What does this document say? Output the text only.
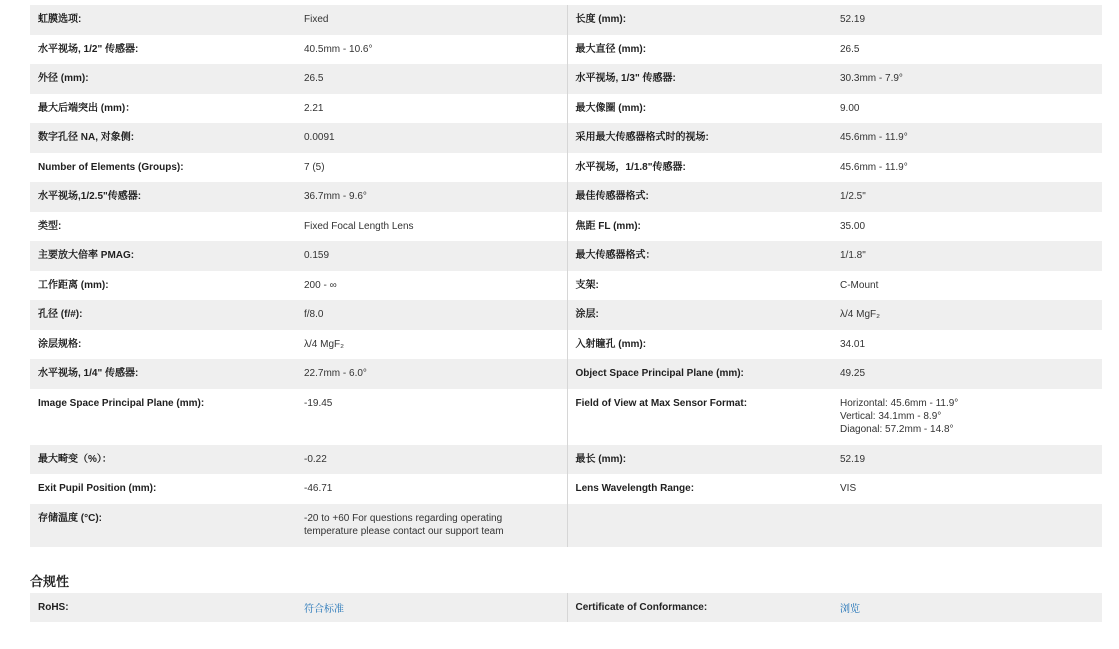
虹膜选项:	Fixed	长度 (mm):	52.19
水平视场, 1/2" 传感器:	40.5mm - 10.6°	最大直径 (mm):	26.5
外径 (mm):	26.5	水平视场, 1/3" 传感器:	30.3mm - 7.9°
最大后端突出 (mm)：	2.21	最大像圈 (mm):	9.00
数字孔径 NA, 对象侧:	0.0091	采用最大传感器格式时的视场:	45.6mm - 11.9°
Number of Elements (Groups):	7 (5)	水平视场，1/1.8"传感器:	45.6mm - 11.9°
水平视场,1/2.5"传感器:	36.7mm - 9.6°	最佳传感器格式:	1/2.5"
类型:	Fixed Focal Length Lens	焦距 FL (mm):	35.00
主要放大倍率 PMAG:	0.159	最大传感器格式：	1/1.8"
工作距离 (mm):	200 - ∞	支架:	C-Mount
孔径 (f/#):	f/8.0	涂层:	λ/4 MgF₂
涂层规格:	λ/4 MgF₂	入射瞳孔 (mm):	34.01
水平视场, 1/4" 传感器:	22.7mm - 6.0°	Object Space Principal Plane (mm):	49.25
Image Space Principal Plane (mm):	-19.45	Field of View at Max Sensor Format:	Horizontal: 45.6mm - 11.9°
Vertical: 34.1mm - 8.9°
Diagonal: 57.2mm - 14.8°

最大畸变（%）：	-0.22	最长 (mm):	52.19
Exit Pupil Position (mm):	-46.71	Lens Wavelength Range:	VIS
存储温度 (°C):	-20 to +60 For questions regarding operating
temperature please contact our support team		

合规性
RoHS:	符合标准	Certificate of Conformance:	浏览
